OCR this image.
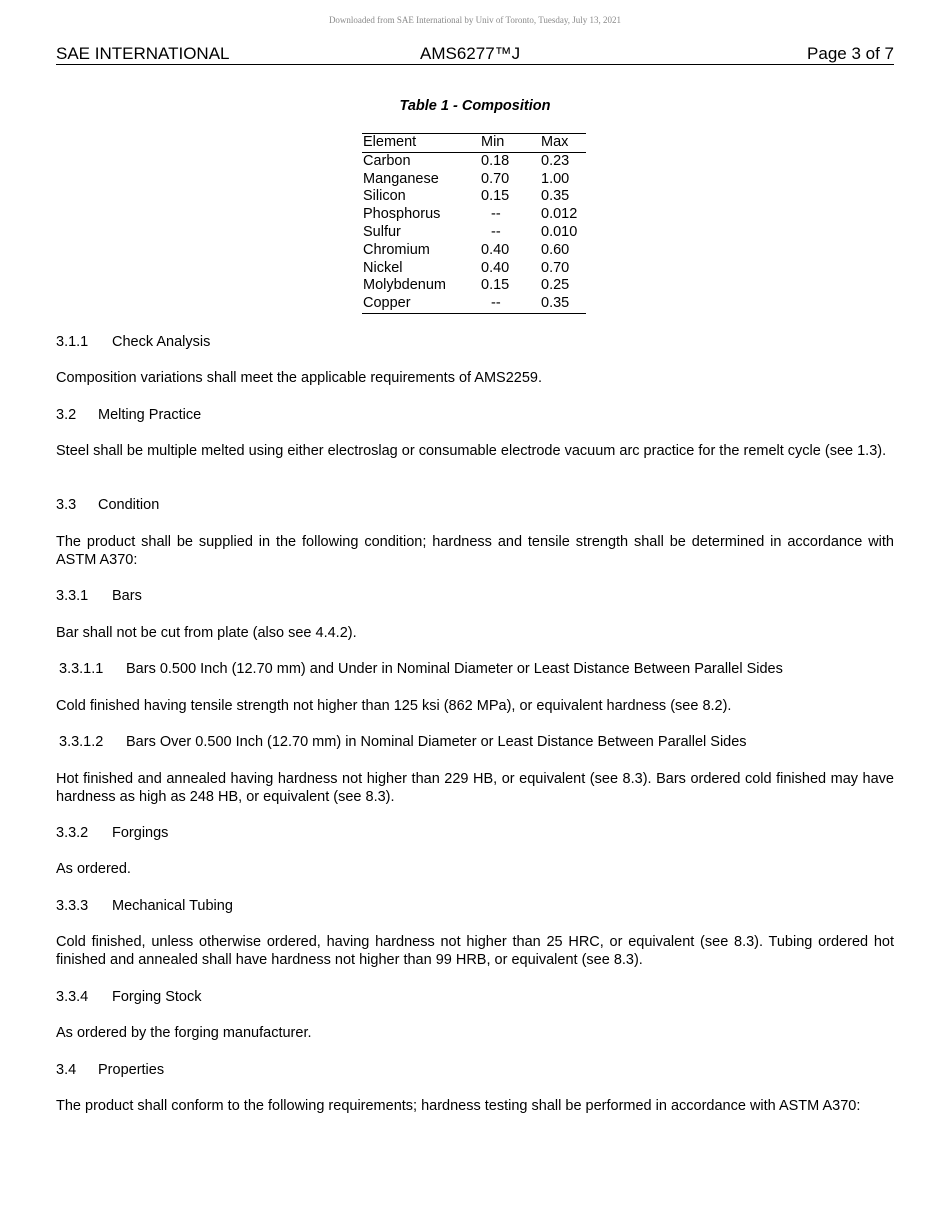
Downloaded from SAE International by Univ of Toronto, Tuesday, July 13, 2021
SAE INTERNATIONAL	AMS6277™J	Page 3 of 7
Table 1 - Composition
Element	Min	Max
Carbon	0.18	0.23
Manganese	0.70	1.00
Silicon	0.15	0.35
Phosphorus	--	0.012
Sulfur	--	0.010
Chromium	0.40	0.60
Nickel	0.40	0.70
Molybdenum	0.15	0.25
Copper	--	0.35
3.1.1 Check Analysis
Composition variations shall meet the applicable requirements of AMS2259.
3.2 Melting Practice
Steel shall be multiple melted using either electroslag or consumable electrode vacuum arc practice for the remelt cycle (see 1.3).
3.3 Condition
The product shall be supplied in the following condition; hardness and tensile strength shall be determined in accordance with ASTM A370:
3.3.1 Bars
Bar shall not be cut from plate (also see 4.4.2).
3.3.1.1 Bars 0.500 Inch (12.70 mm) and Under in Nominal Diameter or Least Distance Between Parallel Sides
Cold finished having tensile strength not higher than 125 ksi (862 MPa), or equivalent hardness (see 8.2).
3.3.1.2 Bars Over 0.500 Inch (12.70 mm) in Nominal Diameter or Least Distance Between Parallel Sides
Hot finished and annealed having hardness not higher than 229 HB, or equivalent (see 8.3). Bars ordered cold finished may have hardness as high as 248 HB, or equivalent (see 8.3).
3.3.2 Forgings
As ordered.
3.3.3 Mechanical Tubing
Cold finished, unless otherwise ordered, having hardness not higher than 25 HRC, or equivalent (see 8.3). Tubing ordered hot finished and annealed shall have hardness not higher than 99 HRB, or equivalent (see 8.3).
3.3.4 Forging Stock
As ordered by the forging manufacturer.
3.4 Properties
The product shall conform to the following requirements; hardness testing shall be performed in accordance with ASTM A370:
